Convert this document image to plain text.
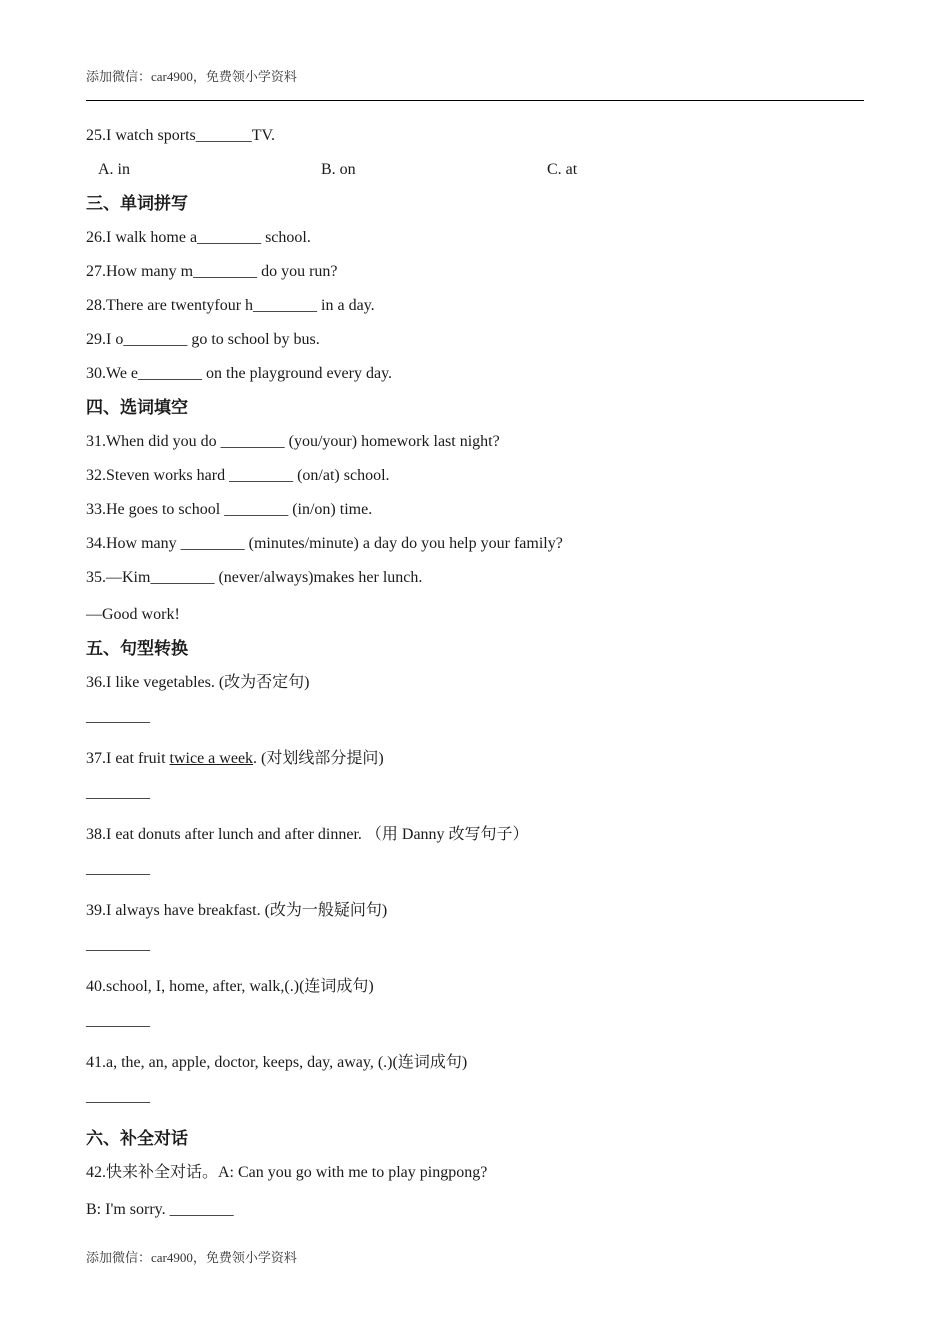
添加微信：car4900，免费领小学资料
25.I watch sports_______TV.
A. in	B. on	C. at
三、单词拼写
26.I walk home a________ school.
27.How many m________ do you run?
28.There are twentyfour h________ in a day.
29.I o________ go to school by bus.
30.We e________ on the playground every day.
四、选词填空
31.When did you do ________ (you/your) homework last night?
32.Steven works hard ________ (on/at) school.
33.He goes to school ________ (in/on) time.
34.How many ________ (minutes/minute) a day do you help your family?
35.—Kim________ (never/always)makes her lunch.
—Good work!
五、句型转换
36.I like vegetables. (改为否定句)
________
37.I eat fruit twice a week. (对划线部分提问)
________
38.I eat donuts after lunch and after dinner. （用 Danny 改写句子）
________
39.I always have breakfast. (改为一般疑问句)
________
40.school, I, home, after, walk,(.)(连词成句)
________
41.a, the, an, apple, doctor, keeps, day, away, (.)(连词成句)
________
六、补全对话
42.快来补全对话。A: Can you go with me to play pingpong?
B: I'm sorry. ________
添加微信：car4900，免费领小学资料
